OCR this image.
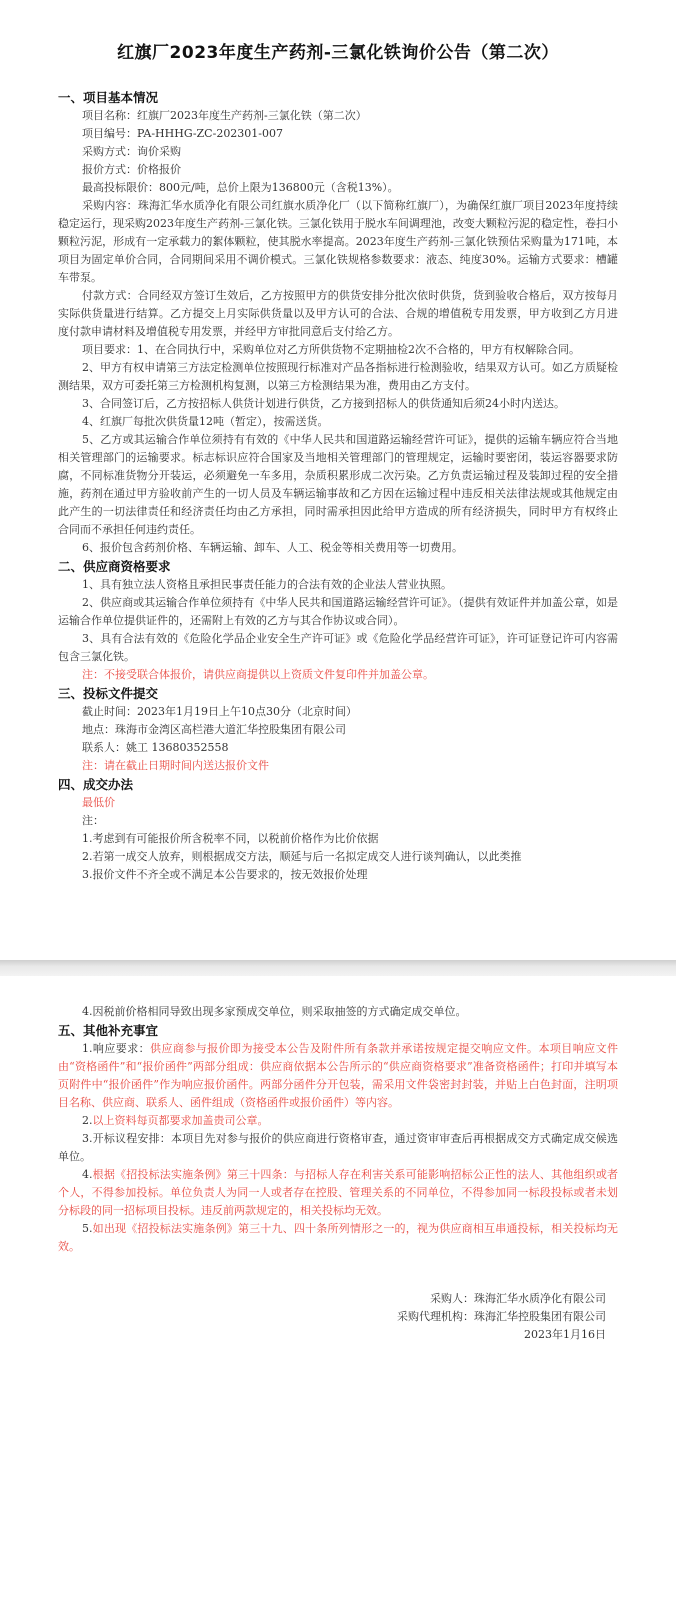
红旗厂2023年度生产药剂-三氯化铁询价公告（第二次）

一、项目基本情况

项目名称：红旗厂2023年度生产药剂-三氯化铁（第二次）

项目编号：PA-HHHG-ZC-202301-007

采购方式：询价采购

报价方式：价格报价

最高投标限价：800元/吨，总价上限为136800元（含税13%）。

采购内容：珠海汇华水质净化有限公司红旗水质净化厂（以下简称红旗厂），为确保红旗厂项目2023年度持续稳定运行，现采购2023年度生产药剂-三氯化铁。三氯化铁用于脱水车间调理池，改变大颗粒污泥的稳定性，卷扫小颗粒污泥，形成有一定承载力的絮体颗粒，使其脱水率提高。2023年度生产药剂-三氯化铁预估采购量为171吨，本项目为固定单价合同，合同期间采用不调价模式。三氯化铁规格参数要求：液态、纯度30%。运输方式要求：槽罐车带泵。

付款方式：合同经双方签订生效后，乙方按照甲方的供货安排分批次依时供货，货到验收合格后，双方按每月实际供货量进行结算。乙方提交上月实际供货量以及甲方认可的合法、合规的增值税专用发票，甲方收到乙方月进度付款申请材料及增值税专用发票，并经甲方审批同意后支付给乙方。

项目要求：1、在合同执行中，采购单位对乙方所供货物不定期抽检2次不合格的，甲方有权解除合同。

2、甲方有权申请第三方法定检测单位按照现行标准对产品各指标进行检测验收，结果双方认可。如乙方质疑检测结果，双方可委托第三方检测机构复测，以第三方检测结果为准，费用由乙方支付。

3、合同签订后，乙方按招标人供货计划进行供货，乙方接到招标人的供货通知后须24小时内送达。

4、红旗厂每批次供货量12吨（暂定），按需送货。

5、乙方或其运输合作单位须持有有效的《中华人民共和国道路运输经营许可证》，提供的运输车辆应符合当地相关管理部门的运输要求。标志标识应符合国家及当地相关管理部门的管理规定，运输时要密闭，装运容器要求防腐，不同标准货物分开装运，必须避免一车多用，杂质积累形成二次污染。乙方负责运输过程及装卸过程的安全措施，药剂在通过甲方验收前产生的一切人员及车辆运输事故和乙方因在运输过程中违反相关法律法规或其他规定由此产生的一切法律责任和经济责任均由乙方承担，同时需承担因此给甲方造成的所有经济损失，同时甲方有权终止合同而不承担任何违约责任。

6、报价包含药剂价格、车辆运输、卸车、人工、税金等相关费用等一切费用。

二、供应商资格要求

1、具有独立法人资格且承担民事责任能力的合法有效的企业法人营业执照。

2、供应商或其运输合作单位须持有《中华人民共和国道路运输经营许可证》。（提供有效证件并加盖公章，如是运输合作单位提供证件的，还需附上有效的乙方与其合作协议或合同）。

3、具有合法有效的《危险化学品企业安全生产许可证》或《危险化学品经营许可证》，许可证登记许可内容需包含三氯化铁。

注：不接受联合体报价，请供应商提供以上资质文件复印件并加盖公章。

三、投标文件提交

截止时间：2023年1月19日上午10点30分（北京时间）

地点：珠海市金湾区高栏港大道汇华控股集团有限公司

联系人：姚工 13680352558

注：请在截止日期时间内送达报价文件

四、成交办法

最低价

注：

1.考虑到有可能报价所含税率不同，以税前价格作为比价依据

2.若第一成交人放弃，则根据成交方法，顺延与后一名拟定成交人进行谈判确认，以此类推

3.报价文件不齐全或不满足本公告要求的，按无效报价处理

4.因税前价格相同导致出现多家预成交单位，则采取抽签的方式确定成交单位。

五、其他补充事宜

1.响应要求：供应商参与报价即为接受本公告及附件所有条款并承诺按规定提交响应文件。本项目响应文件由“资格函件”和“报价函件”两部分组成：供应商依据本公告所示的“供应商资格要求”准备资格函件；打印并填写本页附件中“报价函件”作为响应报价函件。两部分函件分开包装，需采用文件袋密封封装，并贴上白色封面，注明项目名称、供应商、联系人、函件组成（资格函件或报价函件）等内容。

2.以上资料每页都要求加盖贵司公章。

3.开标议程安排：本项目先对参与报价的供应商进行资格审查，通过资审审查后再根据成交方式确定成交候选单位。

4.根据《招投标法实施条例》第三十四条：与招标人存在利害关系可能影响招标公正性的法人、其他组织或者个人，不得参加投标。单位负责人为同一人或者存在控股、管理关系的不同单位，不得参加同一标段投标或者未划分标段的同一招标项目投标。违反前两款规定的，相关投标均无效。

5.如出现《招投标法实施条例》第三十九、四十条所列情形之一的，视为供应商相互串通投标，相关投标均无效。

采购人：珠海汇华水质净化有限公司
采购代理机构：珠海汇华控股集团有限公司
2023年1月16日
